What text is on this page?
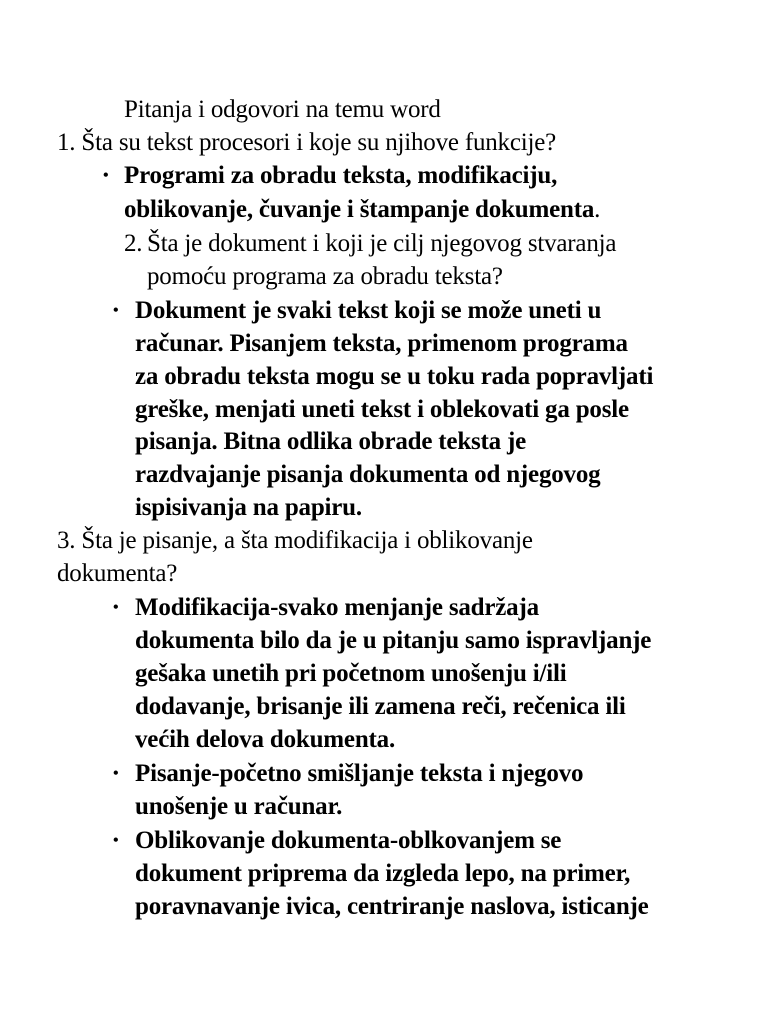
Pitanja i odgovori na temu word
1. Šta su tekst procesori i koje su njihove funkcije?
• Programi za obradu teksta, modifikaciju,
oblikovanje, čuvanje i štampanje dokumenta.
2. Šta je dokument i koji je cilj njegovog stvaranja
pomoću programa za obradu teksta?
• Dokument je svaki tekst koji se može uneti u
računar. Pisanjem teksta, primenom programa
za obradu teksta mogu se u toku rada popravljati
greške, menjati uneti tekst i oblekovati ga posle
pisanja. Bitna odlika obrade teksta je
razdvajanje pisanja dokumenta od njegovog
ispisivanja na papiru.
3. Šta je pisanje, a šta modifikacija i oblikovanje
dokumenta?
• Modifikacija-svako menjanje sadržaja
dokumenta bilo da je u pitanju samo ispravljanje
gešaka unetih pri početnom unošenju i/ili
dodavanje, brisanje ili zamena reči, rečenica ili
većih delova dokumenta.
• Pisanje-početno smišljanje teksta i njegovo
unošenje u računar.
• Oblikovanje dokumenta-oblkovanjem se
dokument priprema da izgleda lepo, na primer,
poravnavanje ivica, centriranje naslova, isticanje
